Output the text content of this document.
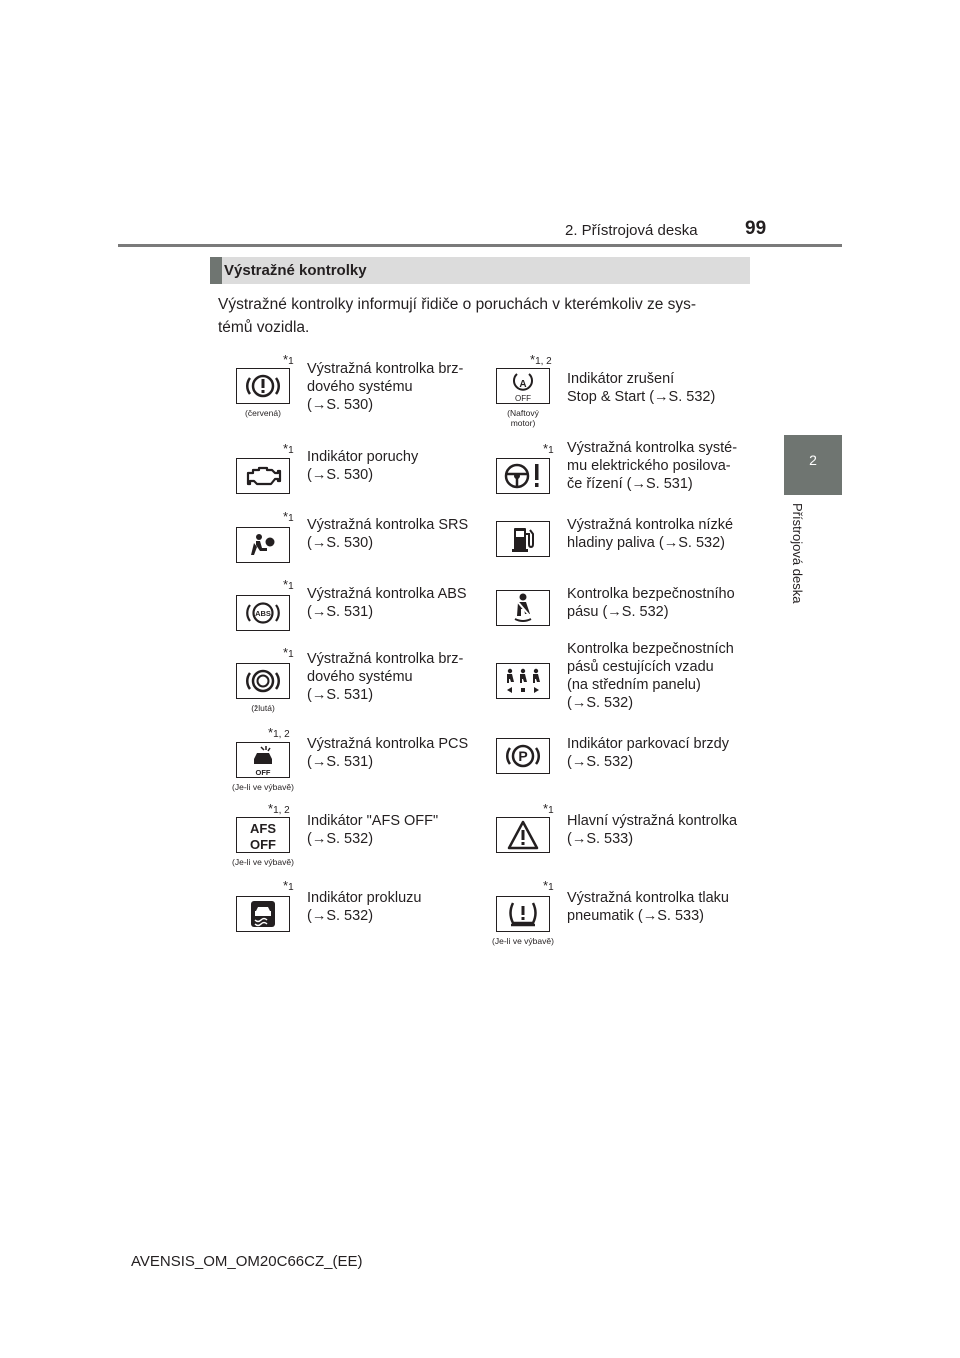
2. Přístrojová deska 99
2
Přístrojová deska
Výstražné kontrolky
Výstražné kontrolky informují řidiče o poruchách v kterémkoliv ze sys-
témů vozidla.
*1
(červená)
Výstražná kontrolka brz-
dového systému
(→S. 530)
*1 Indikátor poruchy
(→S. 530)
*1 Výstražná kontrolka SRS
(→S. 530)
*1
ABS
Výstražná kontrolka ABS
(→S. 531)
*1
(žlutá)
Výstražná kontrolka brz-
dového systému
(→S. 531)
*1, 2
OFF
(Je-li ve výbavě)
Výstražná kontrolka PCS
(→S. 531)
*1, 2
AFS
OFF
(Je-li ve výbavě)
Indikátor "AFS OFF"
(→S. 532)
*1
Indikátor prokluzu
(→S. 532)
*1, 2
A
OFF
(Naftový
motor)
Indikátor zrušení
Stop & Start (→S. 532)
*1 Výstražná kontrolka systé-
mu elektrického posilova-
če řízení (→S. 531)
Výstražná kontrolka nízké
hladiny paliva (→S. 532)
Kontrolka bezpečnostního
pásu (→S. 532)
Kontrolka bezpečnostních
pásů cestujících vzadu
(na středním panelu)
(→S. 532)
P
Indikátor parkovací brzdy
(→S. 532)
*1
Hlavní výstražná kontrolka
(→S. 533)
*1
(Je-li ve výbavě)
Výstražná kontrolka tlaku
pneumatik (→S. 533)
AVENSIS_OM_OM20C66CZ_(EE)
